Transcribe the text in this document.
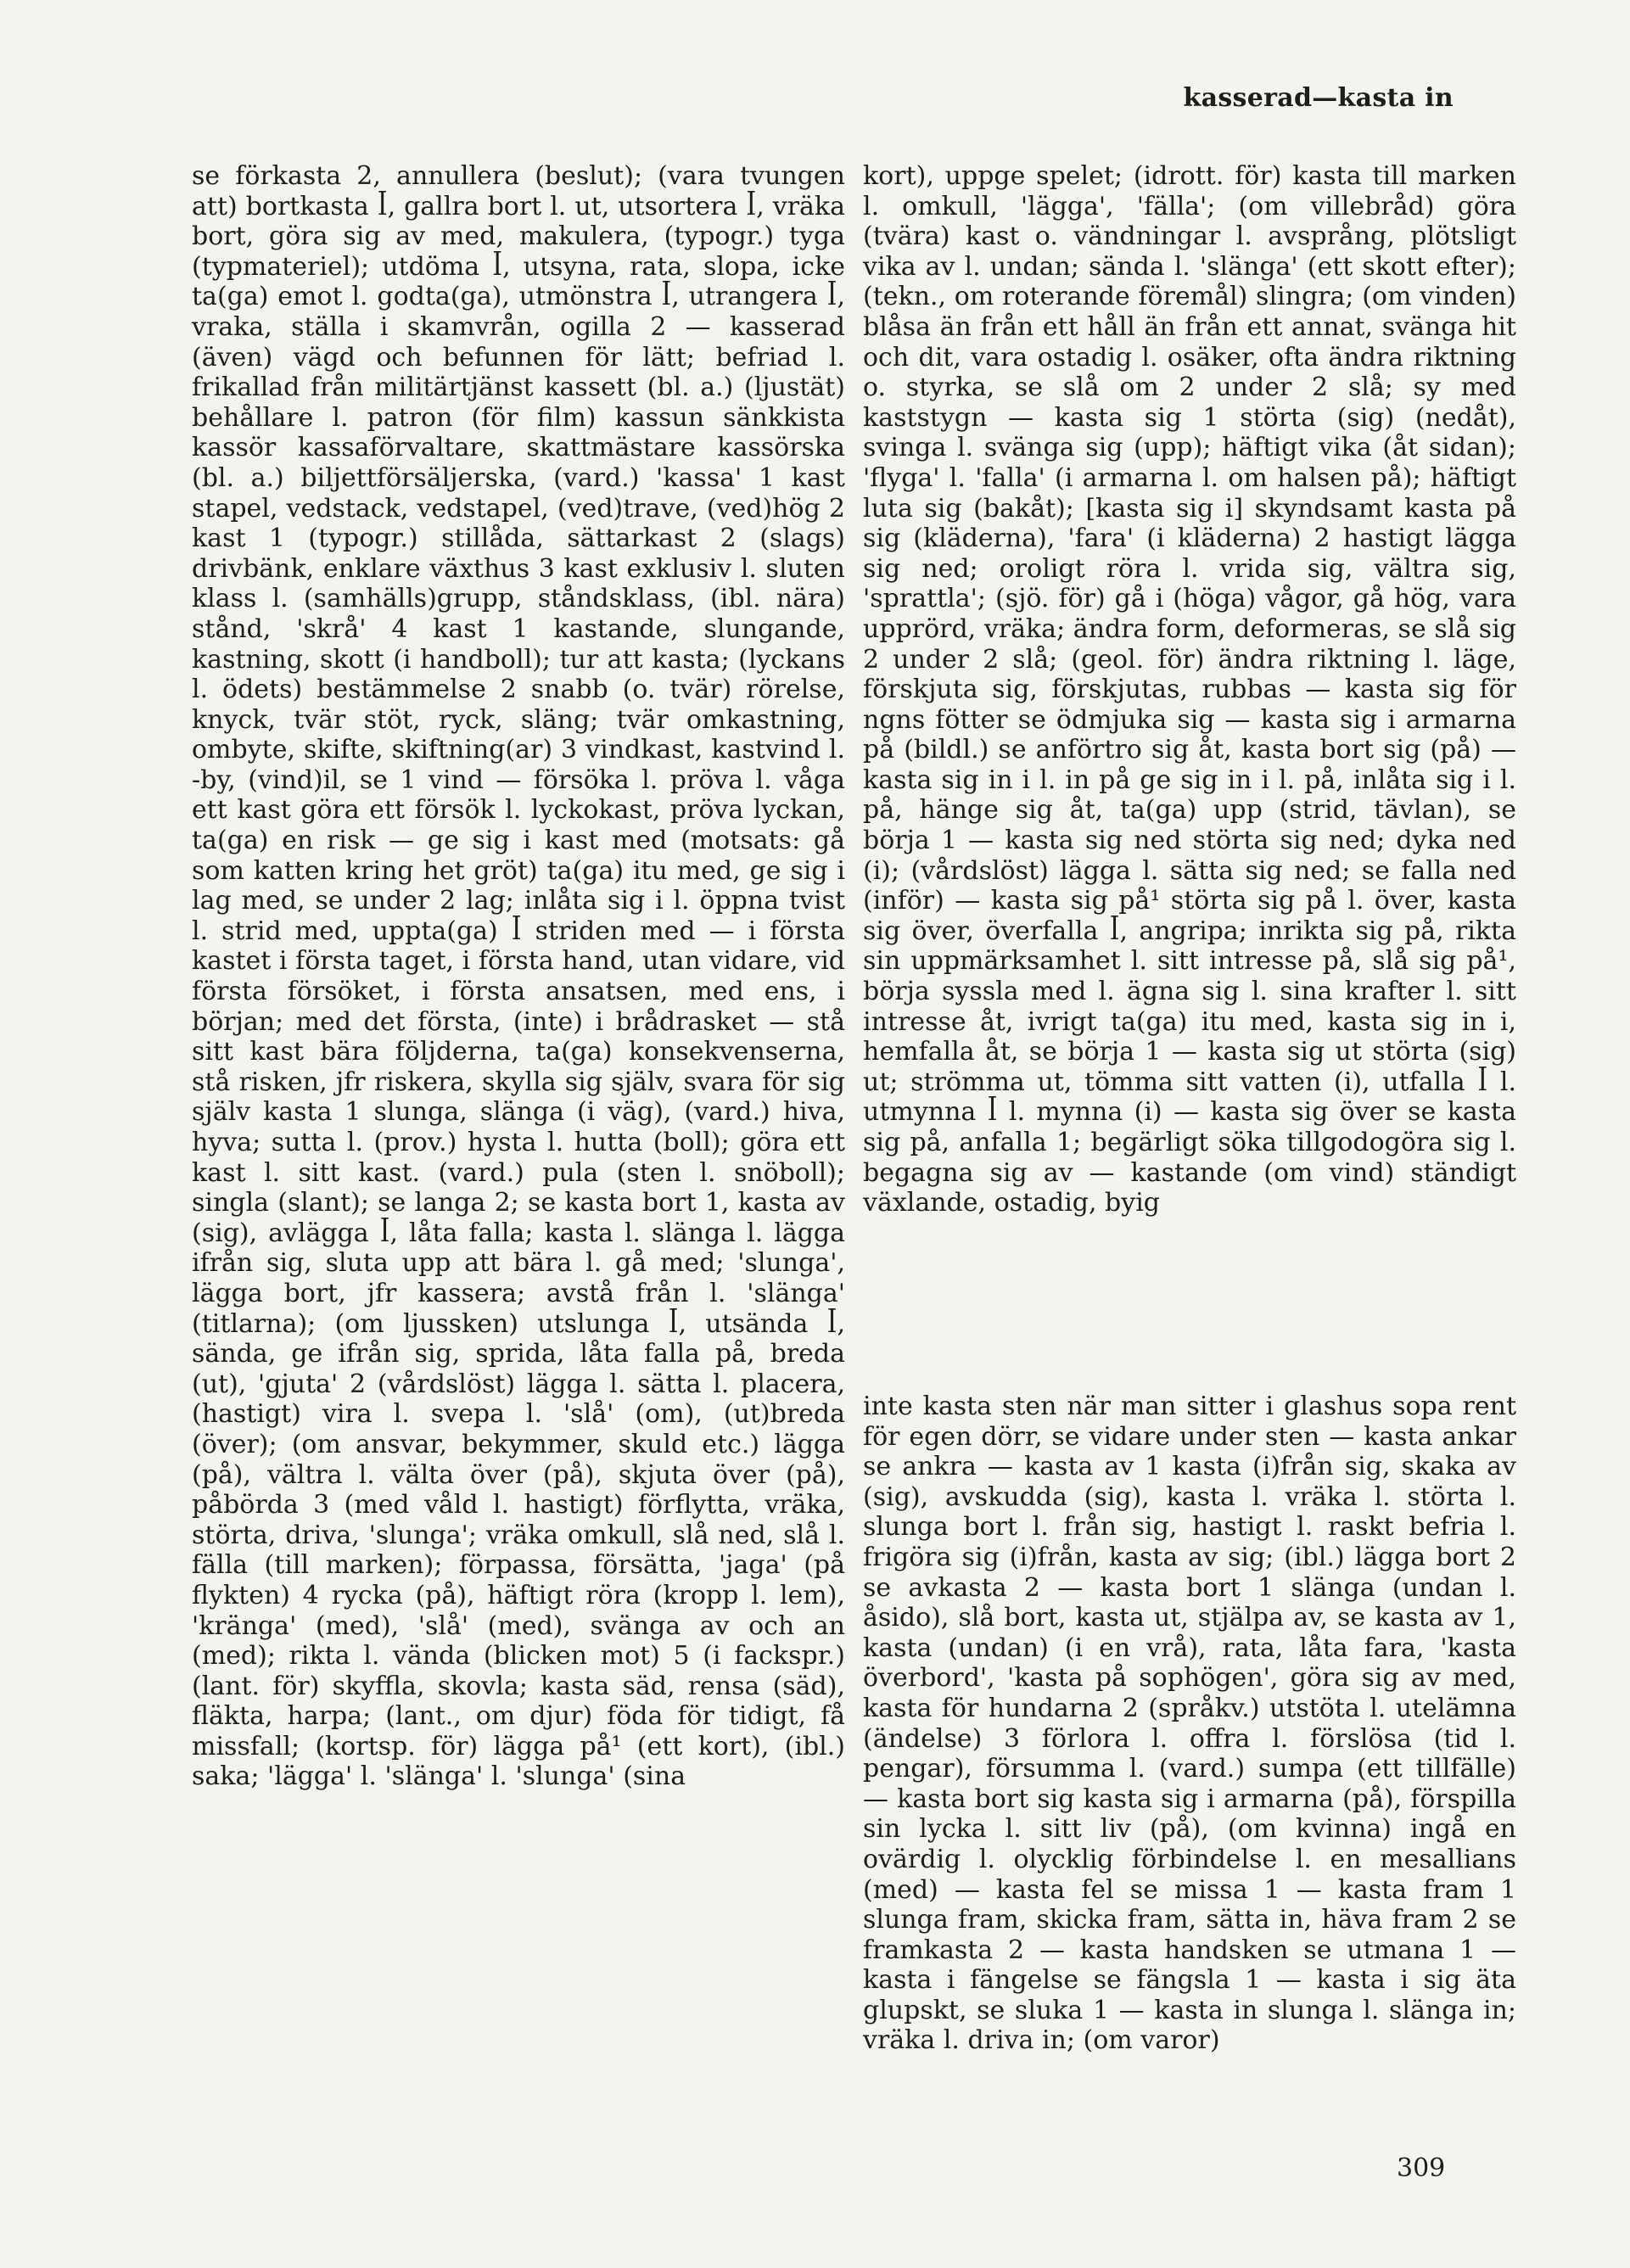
kasserad—kasta in

se förkasta 2, annullera (beslut); (vara tvungen att) bortkasta ꟾ, gallra bort l. ut, utsortera ꟾ, vräka bort, göra sig av med, makulera, (typogr.) tyga (typmateriel); utdöma ꟾ, utsyna, rata, slopa, icke ta(ga) emot l. godta(ga), utmönstra ꟾ, utrangera ꟾ, vraka, ställa i skamvrån, ogilla 2 — kasserad (även) vägd och befunnen för lätt; befriad l. frikallad från militärtjänst kassett (bl. a.) (ljustät) behållare l. patron (för film) kassun sänkkista kassör kassaförvaltare, skattmästare kassörska (bl. a.) biljettförsäljerska, (vard.) 'kassa' 1 kast stapel, vedstack, vedstapel, (ved)trave, (ved)hög 2 kast 1 (typogr.) stillåda, sättarkast 2 (slags) drivbänk, enklare växthus 3 kast exklusiv l. sluten klass l. (samhälls)grupp, ståndsklass, (ibl. nära) stånd, 'skrå' 4 kast 1 kastande, slungande, kastning, skott (i handboll); tur att kasta; (lyckans l. ödets) bestämmelse 2 snabb (o. tvär) rörelse, knyck, tvär stöt, ryck, släng; tvär omkastning, ombyte, skifte, skiftning(ar) 3 vindkast, kastvind l. -by, (vind)il, se 1 vind — försöka l. pröva l. våga ett kast göra ett försök l. lyckokast, pröva lyckan, ta(ga) en risk — ge sig i kast med (motsats: gå som katten kring het gröt) ta(ga) itu med, ge sig i lag med, se under 2 lag; inlåta sig i l. öppna tvist l. strid med, uppta(ga) ꟾ striden med — i första kastet i första taget, i första hand, utan vidare, vid första försöket, i första ansatsen, med ens, i början; med det första, (inte) i brådrasket — stå sitt kast bära följderna, ta(ga) konsekvenserna, stå risken, jfr riskera, skylla sig själv, svara för sig själv kasta 1 slunga, slänga (i väg), (vard.) hiva, hyva; sutta l. (prov.) hysta l. hutta (boll); göra ett kast l. sitt kast. (vard.) pula (sten l. snöboll); singla (slant); se langa 2; se kasta bort 1, kasta av (sig), avlägga ꟾ, låta falla; kasta l. slänga l. lägga ifrån sig, sluta upp att bära l. gå med; 'slunga', lägga bort, jfr kassera; avstå från l. 'slänga' (titlarna); (om ljussken) utslunga ꟾ, utsända ꟾ, sända, ge ifrån sig, sprida, låta falla på, breda (ut), 'gjuta' 2 (vårdslöst) lägga l. sätta l. placera, (hastigt) vira l. svepa l. 'slå' (om), (ut)breda (över); (om ansvar, bekymmer, skuld etc.) lägga (på), vältra l. välta över (på), skjuta över (på), påbörda 3 (med våld l. hastigt) förflytta, vräka, störta, driva, 'slunga'; vräka omkull, slå ned, slå l. fälla (till marken); förpassa, försätta, 'jaga' (på flykten) 4 rycka (på), häftigt röra (kropp l. lem), 'kränga' (med), 'slå' (med), svänga av och an (med); rikta l. vända (blicken mot) 5 (i fackspr.) (lant. för) skyffla, skovla; kasta säd, rensa (säd), fläkta, harpa; (lant., om djur) föda för tidigt, få missfall; (kortsp. för) lägga på¹ (ett kort), (ibl.) saka; 'lägga' l. 'slänga' l. 'slunga' (sina

kort), uppge spelet; (idrott. för) kasta till marken l. omkull, 'lägga', 'fälla'; (om villebråd) göra (tvära) kast o. vändningar l. avsprång, plötsligt vika av l. undan; sända l. 'slänga' (ett skott efter); (tekn., om roterande föremål) slingra; (om vinden) blåsa än från ett håll än från ett annat, svänga hit och dit, vara ostadig l. osäker, ofta ändra riktning o. styrka, se slå om 2 under 2 slå; sy med kaststygn — kasta sig 1 störta (sig) (nedåt), svinga l. svänga sig (upp); häftigt vika (åt sidan); 'flyga' l. 'falla' (i armarna l. om halsen på); häftigt luta sig (bakåt); [kasta sig i] skyndsamt kasta på sig (kläderna), 'fara' (i kläderna) 2 hastigt lägga sig ned; oroligt röra l. vrida sig, vältra sig, 'sprattla'; (sjö. för) gå i (höga) vågor, gå hög, vara upprörd, vräka; ändra form, deformeras, se slå sig 2 under 2 slå; (geol. för) ändra riktning l. läge, förskjuta sig, förskjutas, rubbas — kasta sig för ngns fötter se ödmjuka sig — kasta sig i armarna på (bildl.) se anförtro sig åt, kasta bort sig (på) — kasta sig in i l. in på ge sig in i l. på, inlåta sig i l. på, hänge sig åt, ta(ga) upp (strid, tävlan), se börja 1 — kasta sig ned störta sig ned; dyka ned (i); (vårdslöst) lägga l. sätta sig ned; se falla ned (inför) — kasta sig på¹ störta sig på l. över, kasta sig över, överfalla ꟾ, angripa; inrikta sig på, rikta sin uppmärksamhet l. sitt intresse på, slå sig på¹, börja syssla med l. ägna sig l. sina krafter l. sitt intresse åt, ivrigt ta(ga) itu med, kasta sig in i, hemfalla åt, se börja 1 — kasta sig ut störta (sig) ut; strömma ut, tömma sitt vatten (i), utfalla ꟾ l. utmynna ꟾ l. mynna (i) — kasta sig över se kasta sig på, anfalla 1; begärligt söka tillgodogöra sig l. begagna sig av — kastande (om vind) ständigt växlande, ostadig, byig

inte kasta sten när man sitter i glashus sopa rent för egen dörr, se vidare under sten — kasta ankar se ankra — kasta av 1 kasta (i)från sig, skaka av (sig), avskudda (sig), kasta l. vräka l. störta l. slunga bort l. från sig, hastigt l. raskt befria l. frigöra sig (i)från, kasta av sig; (ibl.) lägga bort 2 se avkasta 2 — kasta bort 1 slänga (undan l. åsido), slå bort, kasta ut, stjälpa av, se kasta av 1, kasta (undan) (i en vrå), rata, låta fara, 'kasta överbord', 'kasta på sophögen', göra sig av med, kasta för hundarna 2 (språkv.) utstöta l. utelämna (ändelse) 3 förlora l. offra l. förslösa (tid l. pengar), försumma l. (vard.) sumpa (ett tillfälle) — kasta bort sig kasta sig i armarna (på), förspilla sin lycka l. sitt liv (på), (om kvinna) ingå en ovärdig l. olycklig förbindelse l. en mesallians (med) — kasta fel se missa 1 — kasta fram 1 slunga fram, skicka fram, sätta in, häva fram 2 se framkasta 2 — kasta handsken se utmana 1 — kasta i fängelse se fängsla 1 — kasta i sig äta glupskt, se sluka 1 — kasta in slunga l. slänga in; vräka l. driva in; (om varor)

309
